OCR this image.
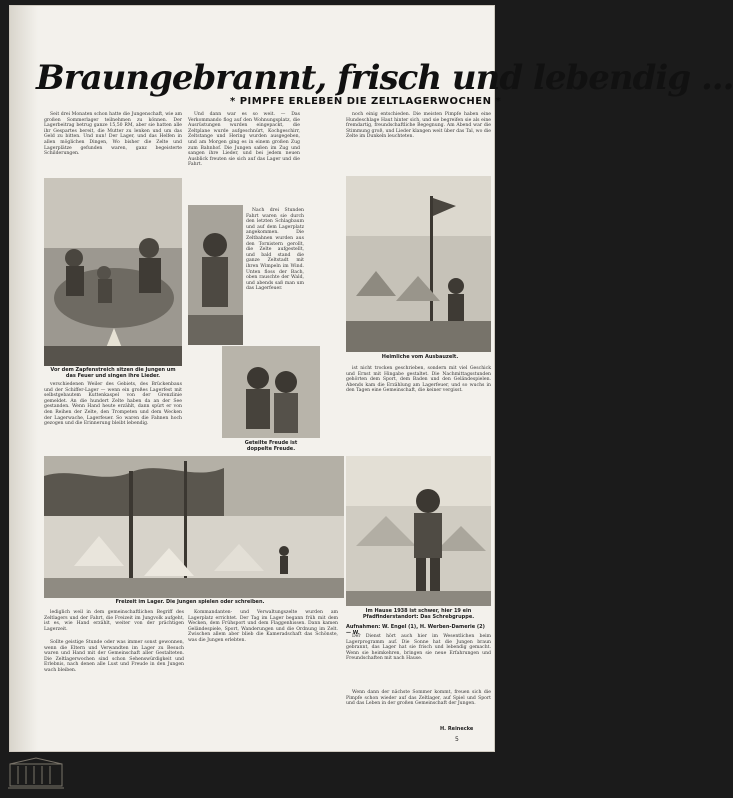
Braungebrannt, frisch und lebendig ...
* PIMPFE ERLEBEN DIE ZELTLAGERWOCHEN *

Seit drei Monaten schon hatte die Jungenschaft, wie am großen Sommerlager teilnehmen zu können. Der Lagerbeitrag betrug ganze 15,50 RM, aber sie hatten alle ihr Gespartes bereit, die Mutter zu lenken und um das Geld zu bitten. Und nun! Der Lager, und das Helfen in allen möglichen Dingen, Wo bisher die Zelte und Lagerplätze gefunden waren, ganz begeisterte Schilderungen.

Vor dem Zapfenstreich sitzen die Jungen um das Feuer und singen ihre Lieder.

verschiedenen Weiler des Gebiets, des Brückenbaus und der Schiffer-Lager — wenn ein großes Lagerfest mit selbstgebautem Kuttenkaspel von der Grenzlinie gemeldet. An die hundert Zelte haben da an der See gestanden. Wenn Hand heute erzählt, dann spürt er von den Reihen der Zelte, den Trompeten und dem Wecken der Lagerwache, Lagerfeuer. So waren die Fahnen hoch gezogen und die Erinnerung bleibt lebendig.

Freizeit im Lager. Die Jungen spielen oder schreiben.

lediglich weil in dem gemeinschaftlichen Begriff des Zeltlagers und der Fahrt, die Freizeit im Jungvolk aufgeht, ist es, wie Hand erzählt, weiter von der prächtigen Lagerzeit.

Sollte geistige Stunde oder was immer sonst gewonnen, wenn die Eltern und Verwandten im Lager zu Besuch waren und Hand mit der Gemeinschaft aller Gestalteten. Die Zeltlagerwochen sind schon Sehenswürdigkeit und Erlebnis, nach denen alle Lust und Freude in den Jungen wach bleiben.

Und dann war es so weit. — Das Verkommando flog auf den Wohnungsplatz, die Ausrüstungen wurden eingepackt, die Zeltplane wurde aufgeschnürt, Kochgeschirr, Zeltstange und Hering wurden ausgegeben, und am Morgen ging es in einem großen Zug zum Bahnhof. Die Jungen saßen im Zug und sangen ihre Lieder, und bei jedem neuen Ausblick freuten sie sich auf das Lager und die Fahrt.

Nach drei Stunden Fahrt waren sie durch den letzten Schlagbaum und auf dem Lagerplatz angekommen. Die Zeltbahnen wurden aus den Tornistern gerollt, die Zelte aufgestellt, und bald stand die ganze Zeltstadt mit ihren Wimpeln im Wind. Unten floss der Bach, oben rauschte der Wald, und abends saß man um das Lagerfeuer.

Geteilte Freude ist doppelte Freude.

Kommandanten- und Verwaltungszelte wurden am Lagerplatz errichtet. Der Tag im Lager begann früh mit dem Wecken, dem Frühsport und dem Flaggenhissen. Dann kamen Geländespiele, Sport, Wanderungen und die Ordnung im Zelt. Zwischen allem aber blieb die Kameradschaft das Schönste, was die Jungen erlebten.

noch einig entschieden. Die meisten Pimpfe haben eine Hundeschlage Haut hinter sich, und sie begreifen sie als eine fremdartig, freundschaftliche Begegnung. Am Abend war die Stimmung groß, und Lieder klangen weit über das Tal, wo die Zelte im Dunkeln leuchteten.

Heimliche vom Ausbauzelt.

ist nicht trocken geschrieben, sondern mit viel Geschick und Ernst mit Hingabe gestaltet. Die Nachmittagsstunden gehörten dem Sport, dem Baden und den Geländespielen. Abends kam die Erzählung am Lagerfeuer, und so wuchs in den Tagen eine Gemeinschaft, die keiner vergisst.

Im Hause 1938 ist schwer, hier 19 ein Pfadfinderstandort: Das Schrebgruppe.
Aufnahmen: W. Engel (1), H. Werben-Damerie (2) — W.

Der Dienst hört auch hier im Wesentlichen beim Lagerprogramm auf. Die Sonne hat die Jungen braun gebrannt, das Lager hat sie frisch und lebendig gemacht. Wenn sie heimkehren, bringen sie neue Erfahrungen und Freundschaften mit nach Hause.

Wenn dann der nächste Sommer kommt, freuen sich die Pimpfe schon wieder auf das Zeltlager, auf Spiel und Sport und das Leben in der großen Gemeinschaft der Jungen.

H. Reinecke
5
